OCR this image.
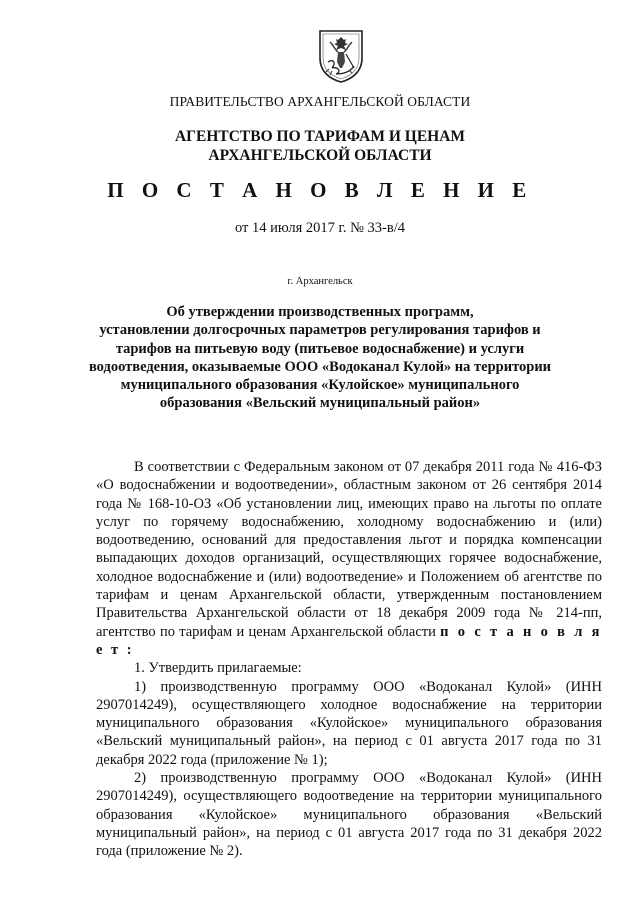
ПРАВИТЕЛЬСТВО АРХАНГЕЛЬСКОЙ ОБЛАСТИ
АГЕНТСТВО ПО ТАРИФАМ И ЦЕНАМ
АРХАНГЕЛЬСКОЙ ОБЛАСТИ
П О С Т А Н О В Л Е Н И Е
от 14 июля 2017 г. № 33-в/4
г. Архангельск
Об утверждении производственных программ,
установлении долгосрочных параметров регулирования тарифов и
тарифов на питьевую воду (питьевое водоснабжение) и услуги
водоотведения, оказываемые ООО «Водоканал Кулой» на территории
муниципального образования «Кулойское» муниципального
образования «Вельский муниципальный район»

В соответствии с Федеральным законом от 07 декабря 2011 года № 416-ФЗ «О водоснабжении и водоотведении», областным законом от 26 сентября 2014 года № 168-10-ОЗ «Об установлении лиц, имеющих право на льготы по оплате услуг по горячему водоснабжению, холодному водоснабжению и (или) водоотведению, оснований для предоставления льгот и порядка компенсации выпадающих доходов организаций, осуществляющих горячее водоснабжение, холодное водоснабжение и (или) водоотведение» и Положением об агентстве по тарифам и ценам Архангельской области, утвержденным постановлением Правительства Архангельской области от 18 декабря 2009 года № 214-пп, агентство по тарифам и ценам Архангельской области п о с т а н о в л я е т :

1. Утвердить прилагаемые:

1) производственную программу ООО «Водоканал Кулой» (ИНН 2907014249), осуществляющего холодное водоснабжение на территории муниципального образования «Кулойское» муниципального образования «Вельский муниципальный район», на период с 01 августа 2017 года по 31 декабря 2022 года (приложение № 1);

2) производственную программу ООО «Водоканал Кулой» (ИНН 2907014249), осуществляющего водоотведение на территории муниципального образования «Кулойское» муниципального образования «Вельский муниципальный район», на период с 01 августа 2017 года по 31 декабря 2022 года (приложение № 2).
